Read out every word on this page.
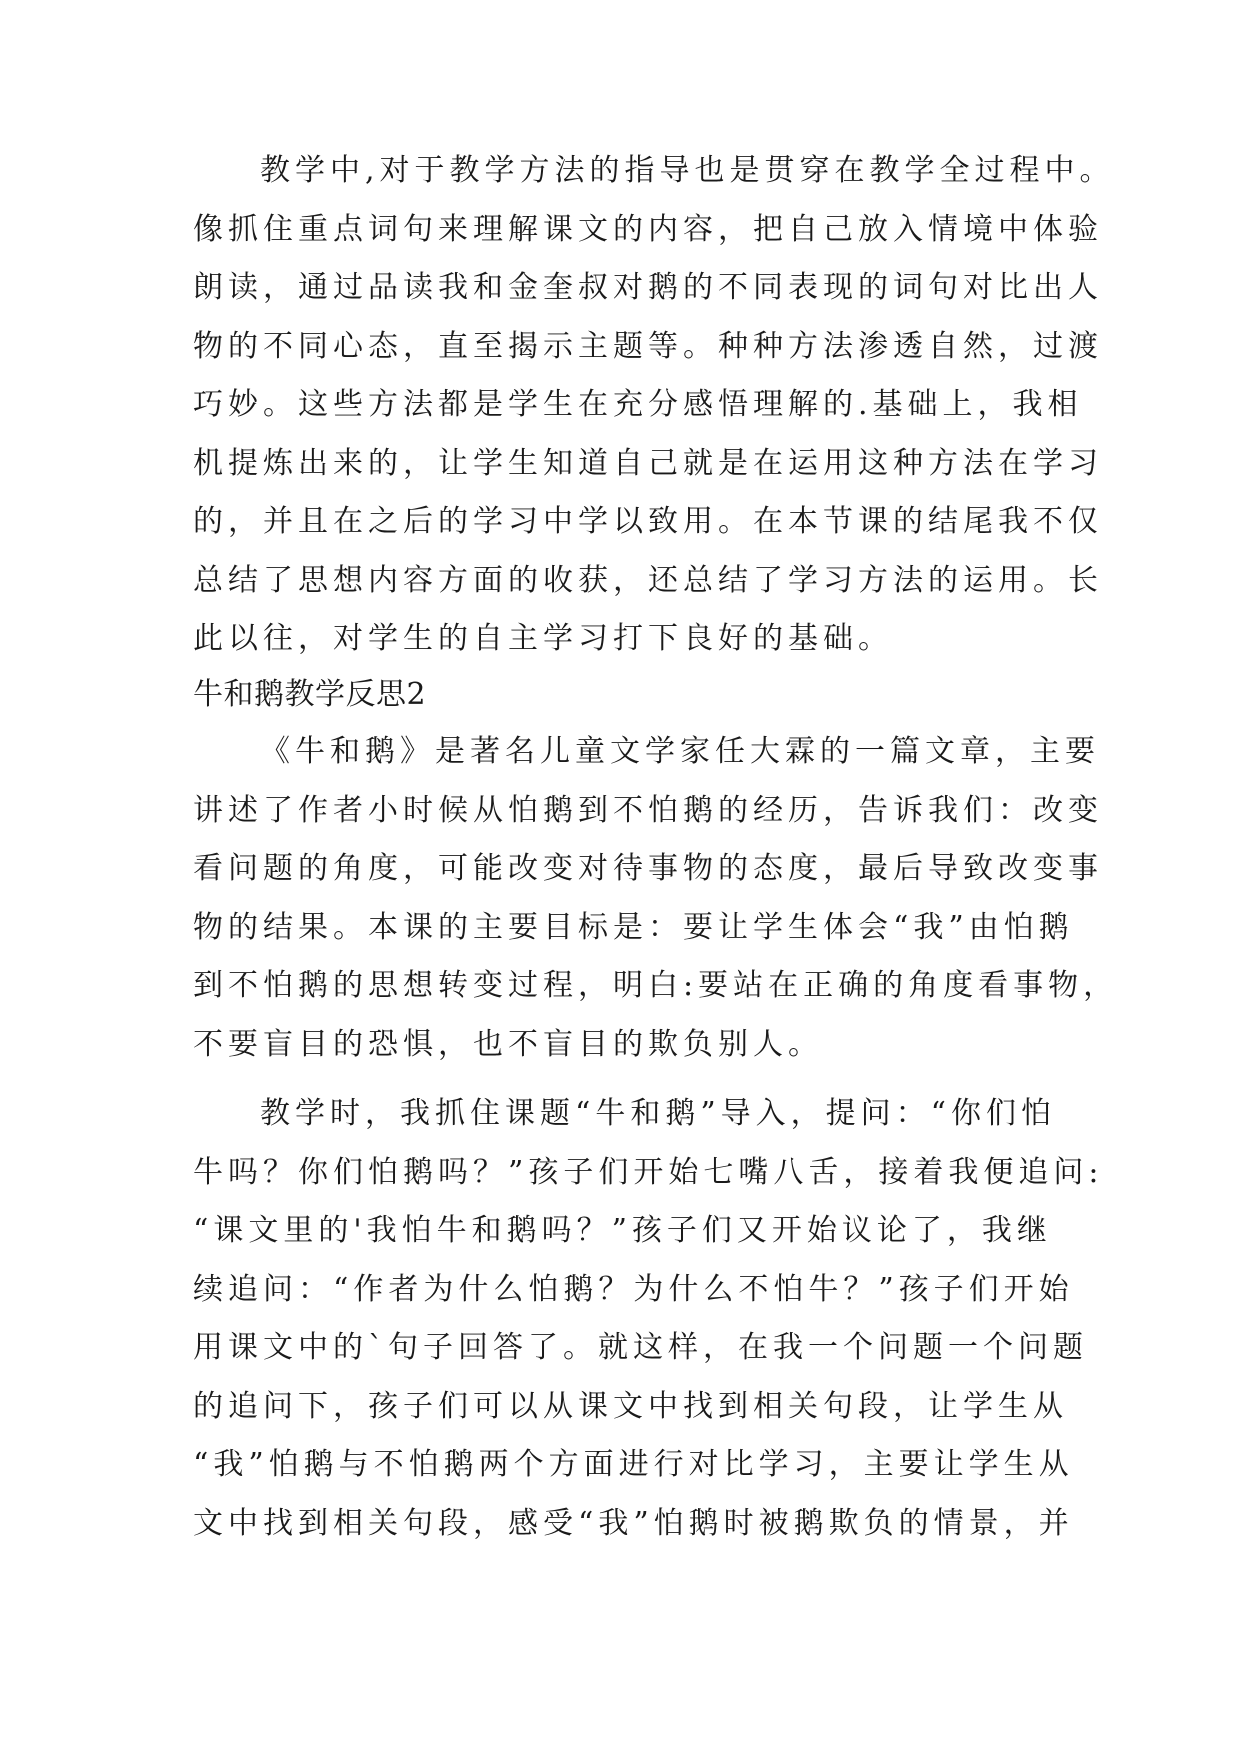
教学中,对于教学方法的指导也是贯穿在教学全过程中。

像抓住重点词句来理解课文的内容，把自己放入情境中体验

朗读，通过品读我和金奎叔对鹅的不同表现的词句对比出人

物的不同心态，直至揭示主题等。种种方法渗透自然，过渡

巧妙。这些方法都是学生在充分感悟理解的.基础上，我相

机提炼出来的，让学生知道自己就是在运用这种方法在学习

的，并且在之后的学习中学以致用。在本节课的结尾我不仅

总结了思想内容方面的收获，还总结了学习方法的运用。长

此以往，对学生的自主学习打下良好的基础。

牛和鹅教学反思2

《牛和鹅》是著名儿童文学家任大霖的一篇文章，主要

讲述了作者小时候从怕鹅到不怕鹅的经历，告诉我们：改变

看问题的角度，可能改变对待事物的态度，最后导致改变事

物的结果。本课的主要目标是：要让学生体会“我”由怕鹅

到不怕鹅的思想转变过程，明白:要站在正确的角度看事物，

不要盲目的恐惧，也不盲目的欺负别人。

教学时，我抓住课题“牛和鹅”导入，提问：“你们怕

牛吗？你们怕鹅吗？”孩子们开始七嘴八舌，接着我便追问:

“课文里的'我怕牛和鹅吗？”孩子们又开始议论了，我继

续追问：“作者为什么怕鹅？为什么不怕牛？”孩子们开始

用课文中的`句子回答了。就这样，在我一个问题一个问题

的追问下，孩子们可以从课文中找到相关句段，让学生从

“我”怕鹅与不怕鹅两个方面进行对比学习，主要让学生从

文中找到相关句段，感受“我”怕鹅时被鹅欺负的情景，并
